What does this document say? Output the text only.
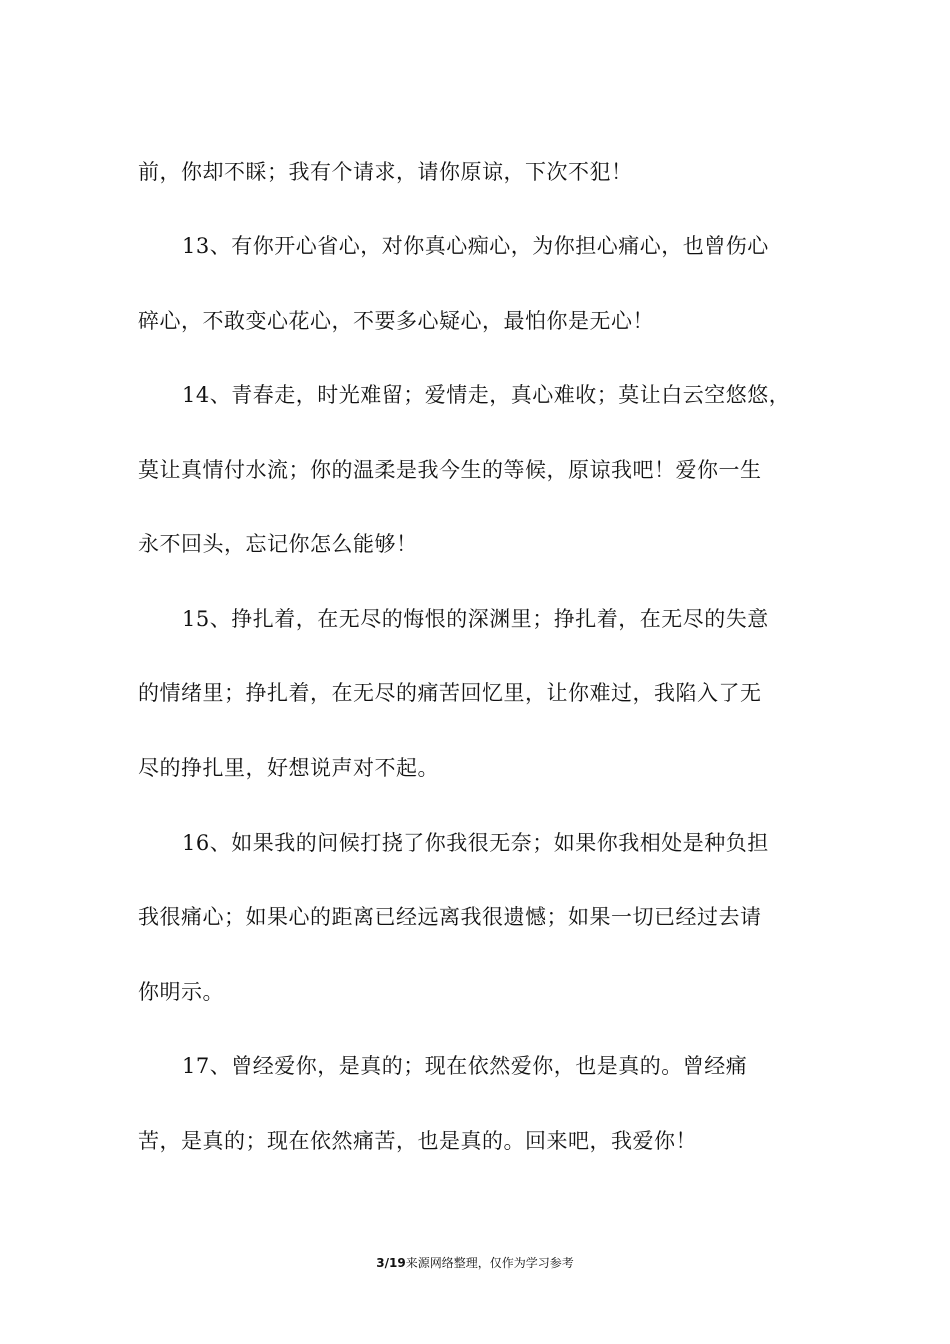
前，你却不睬；我有个请求，请你原谅，下次不犯！
13、有你开心省心，对你真心痴心，为你担心痛心，也曾伤心
碎心，不敢变心花心，不要多心疑心，最怕你是无心！
14、青春走，时光难留；爱情走，真心难收；莫让白云空悠悠，
莫让真情付水流；你的温柔是我今生的等候，原谅我吧！爱你一生
永不回头，忘记你怎么能够！
15、挣扎着，在无尽的悔恨的深渊里；挣扎着，在无尽的失意
的情绪里；挣扎着，在无尽的痛苦回忆里，让你难过，我陷入了无
尽的挣扎里，好想说声对不起。
16、如果我的问候打挠了你我很无奈；如果你我相处是种负担
我很痛心；如果心的距离已经远离我很遗憾；如果一切已经过去请
你明示。
17、曾经爱你，是真的；现在依然爱你，也是真的。曾经痛
苦，是真的；现在依然痛苦，也是真的。回来吧，我爱你！
3/19来源网络整理，仅作为学习参考
